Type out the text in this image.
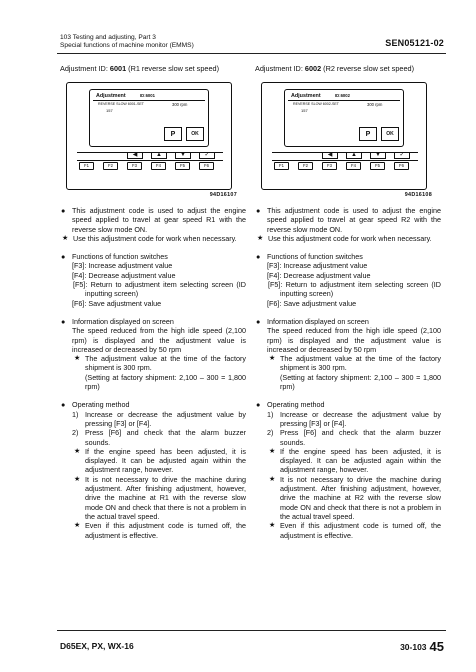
103 Testing and adjusting, Part 3
Special functions of machine monitor (EMMS)	SEN05121-02
Adjustment ID: 6001 (R1 reverse slow set speed)
Adjustment	ID:6001
REVERSE SLOW 6001-SET	300 rpm
157
P	OK
◀	▲	▼	✓
F1	F2	F3	F4	F5	F6
94D16107
● This adjustment code is used to adjust the engine speed applied to travel at gear speed R1 with the reverse slow mode ON.
★ Use this adjustment code for work when necessary.
● Functions of function switches
[F3]: Increase adjustment value
[F4]: Decrease adjustment value
[F5]: Return to adjustment item selecting screen (ID inputting screen)
[F6]: Save adjustment value
● Information displayed on screen
The speed reduced from the high idle speed (2,100 rpm) is displayed and the adjustment value is increased or decreased by 50 rpm
★ The adjustment value at the time of the factory shipment is 300 rpm.
(Setting at factory shipment: 2,100 – 300 = 1,800 rpm)
● Operating method
1) Increase or decrease the adjustment value by pressing [F3] or [F4].
2) Press [F6] and check that the alarm buzzer sounds.
★ If the engine speed has been adjusted, it is displayed. It can be adjusted again within the adjustment range, however.
★ It is not necessary to drive the machine during adjustment. After finishing adjustment, however, drive the machine at R1 with the reverse slow mode ON and check that there is not a problem in the actual travel speed.
★ Even if this adjustment code is turned off, the adjustment is effective.
Adjustment ID: 6002 (R2 reverse slow set speed)
Adjustment	ID:6002
REVERSE SLOW 6002-SET	300 rpm
157
P	OK
◀	▲	▼	✓
F1	F2	F3	F4	F5	F6
94D16108
● This adjustment code is used to adjust the engine speed applied to travel at gear speed R2 with the reverse slow mode ON.
★ Use this adjustment code for work when necessary.
● Functions of function switches
[F3]: Increase adjustment value
[F4]: Decrease adjustment value
[F5]: Return to adjustment item selecting screen (ID inputting screen)
[F6]: Save adjustment value
● Information displayed on screen
The speed reduced from the high idle speed (2,100 rpm) is displayed and the adjustment value is increased or decreased by 50 rpm
★ The adjustment value at the time of the factory shipment is 300 rpm.
(Setting at factory shipment: 2,100 – 300 = 1,800 rpm)
● Operating method
1) Increase or decrease the adjustment value by pressing [F3] or [F4].
2) Press [F6] and check that the alarm buzzer sounds.
★ If the engine speed has been adjusted, it is displayed. It can be adjusted again within the adjustment range, however.
★ It is not necessary to drive the machine during adjustment. After finishing adjustment, however, drive the machine at R2 with the reverse slow mode ON and check that there is not a problem in the actual travel speed.
★ Even if this adjustment code is turned off, the adjustment is effective.
D65EX, PX, WX-16	30-103 45
